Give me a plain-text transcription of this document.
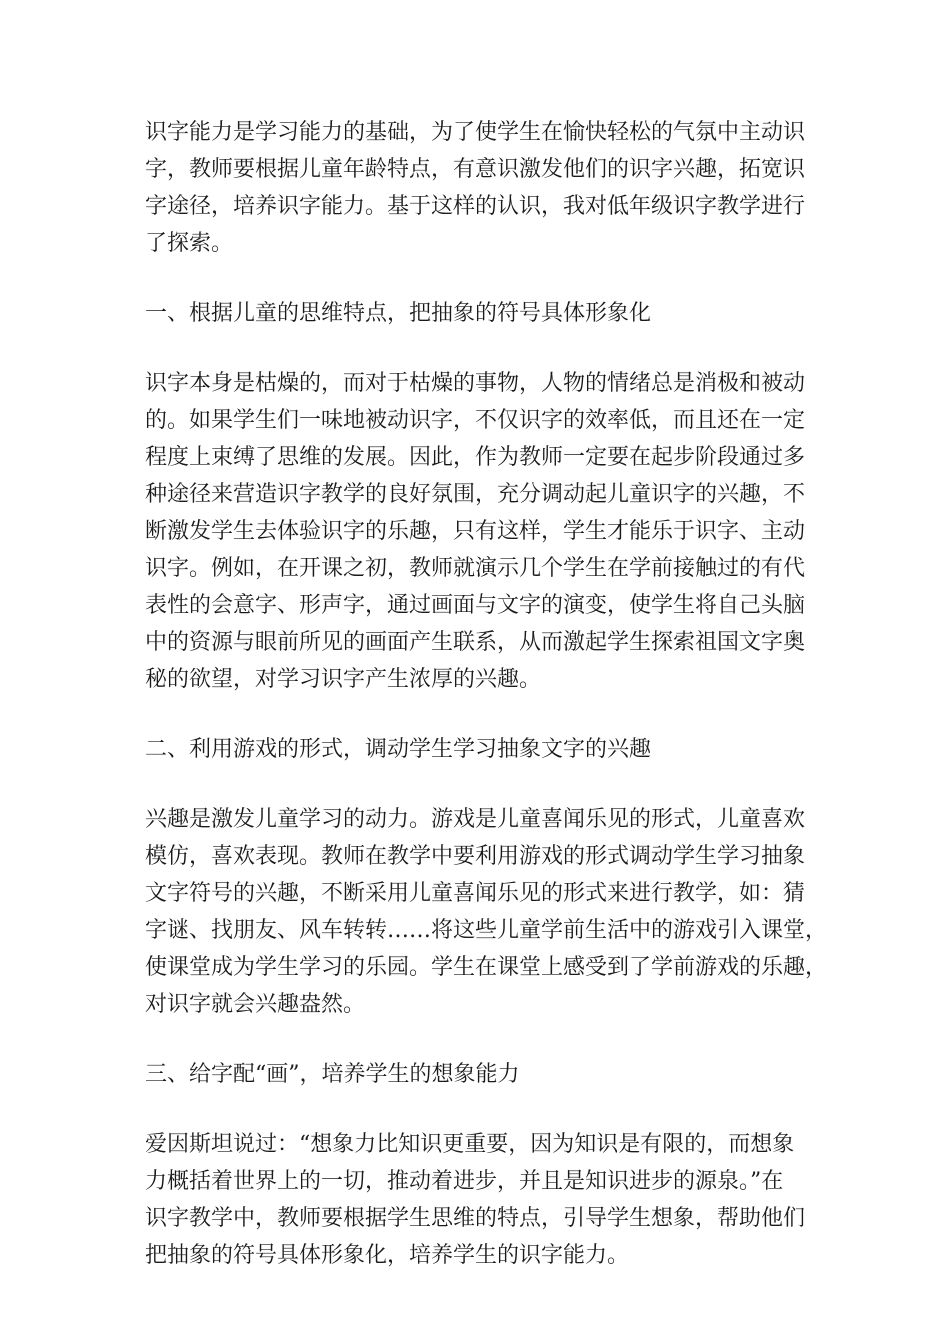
识字能力是学习能力的基础，为了使学生在愉快轻松的气氛中主动识
字，教师要根据儿童年龄特点，有意识激发他们的识字兴趣，拓宽识
字途径，培养识字能力。基于这样的认识，我对低年级识字教学进行
了探索。
一、根据儿童的思维特点，把抽象的符号具体形象化
识字本身是枯燥的，而对于枯燥的事物，人物的情绪总是消极和被动
的。如果学生们一味地被动识字，不仅识字的效率低，而且还在一定
程度上束缚了思维的发展。因此，作为教师一定要在起步阶段通过多
种途径来营造识字教学的良好氛围，充分调动起儿童识字的兴趣，不
断激发学生去体验识字的乐趣，只有这样，学生才能乐于识字、主动
识字。例如，在开课之初，教师就演示几个学生在学前接触过的有代
表性的会意字、形声字，通过画面与文字的演变，使学生将自己头脑
中的资源与眼前所见的画面产生联系，从而激起学生探索祖国文字奥
秘的欲望，对学习识字产生浓厚的兴趣。
二、利用游戏的形式，调动学生学习抽象文字的兴趣
兴趣是激发儿童学习的动力。游戏是儿童喜闻乐见的形式，儿童喜欢
模仿，喜欢表现。教师在教学中要利用游戏的形式调动学生学习抽象
文字符号的兴趣，不断采用儿童喜闻乐见的形式来进行教学，如：猜
字谜、找朋友、风车转转……将这些儿童学前生活中的游戏引入课堂，
使课堂成为学生学习的乐园。学生在课堂上感受到了学前游戏的乐趣，
对识字就会兴趣盎然。
三、给字配“画”，培养学生的想象能力
爱因斯坦说过：“想象力比知识更重要，因为知识是有限的，而想象
力概括着世界上的一切，推动着进步，并且是知识进步的源泉。”在
识字教学中，教师要根据学生思维的特点，引导学生想象，帮助他们
把抽象的符号具体形象化，培养学生的识字能力。
